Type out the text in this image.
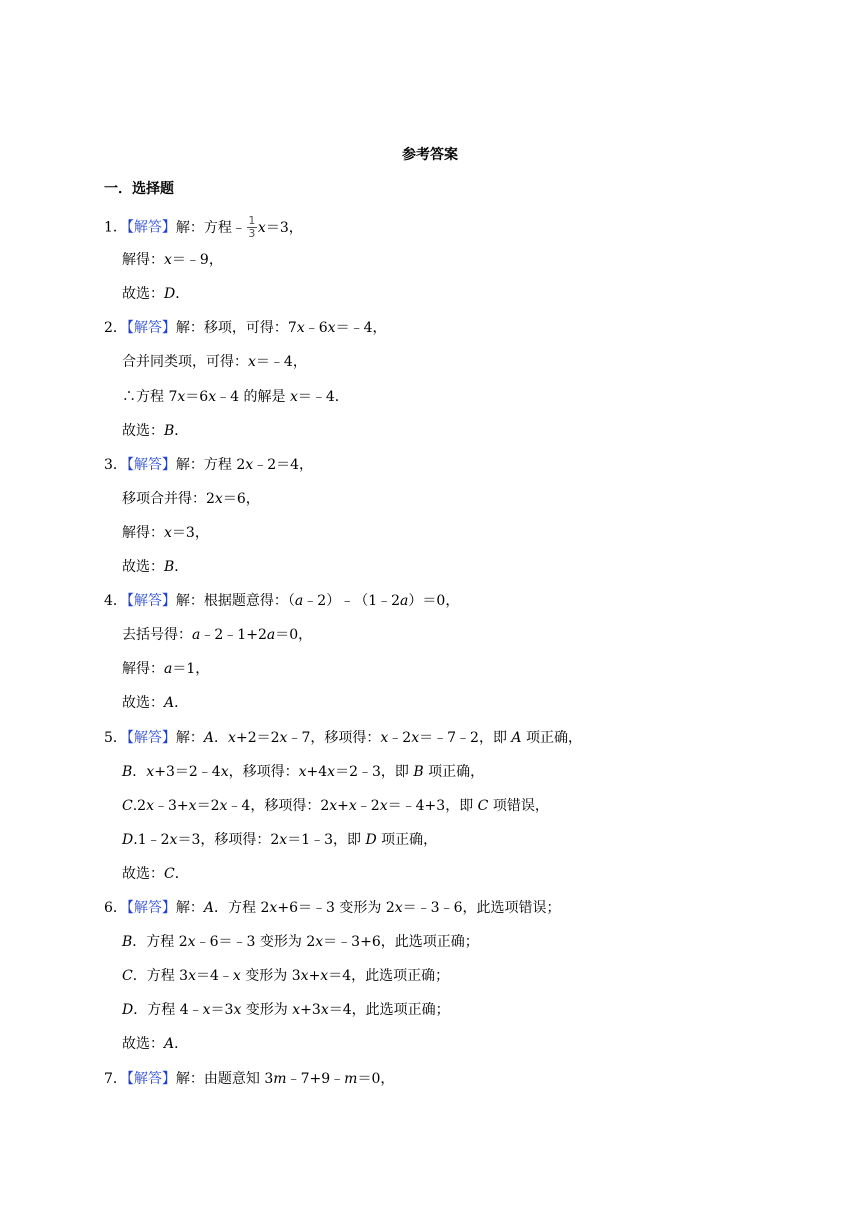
参考答案
一．选择题
1．【解答】解：方程﹣ $\frac{1}{3} x=3$，
解得：x＝﹣9，
故选：D．
2．【解答】解：移项，可得：7x﹣6x＝﹣4，
合并同类项，可得：x＝﹣4，
∴方程 7x＝6x﹣4 的解是 x＝﹣4．
故选：B．
3．【解答】解：方程 2x﹣2＝4，
移项合并得：2x＝6，
解得：x＝3，
故选：B．
4．【解答】解：根据题意得：（a﹣2）﹣（1﹣2a）＝0，
去括号得：a﹣2﹣1+2a＝0，
解得：a＝1，
故选：A．
5．【解答】解：A．x+2＝2x﹣7，移项得：x﹣2x＝﹣7﹣2，即 A 项正确，
B．x+3＝2﹣4x，移项得：x+4x＝2﹣3，即 B 项正确，
C.2x﹣3+x＝2x﹣4，移项得：2x+x﹣2x＝﹣4+3，即 C 项错误，
D.1﹣2x＝3，移项得：2x＝1﹣3，即 D 项正确，
故选：C．
6．【解答】解：A．方程 2x+6＝﹣3 变形为 2x＝﹣3﹣6，此选项错误；
B．方程 2x﹣6＝﹣3 变形为 2x＝﹣3+6，此选项正确；
C．方程 3x＝4﹣x 变形为 3x+x＝4，此选项正确；
D．方程 4﹣x＝3x 变形为 x+3x＝4，此选项正确；
故选：A．
7．【解答】解：由题意知 3m﹣7+9﹣m＝0，
